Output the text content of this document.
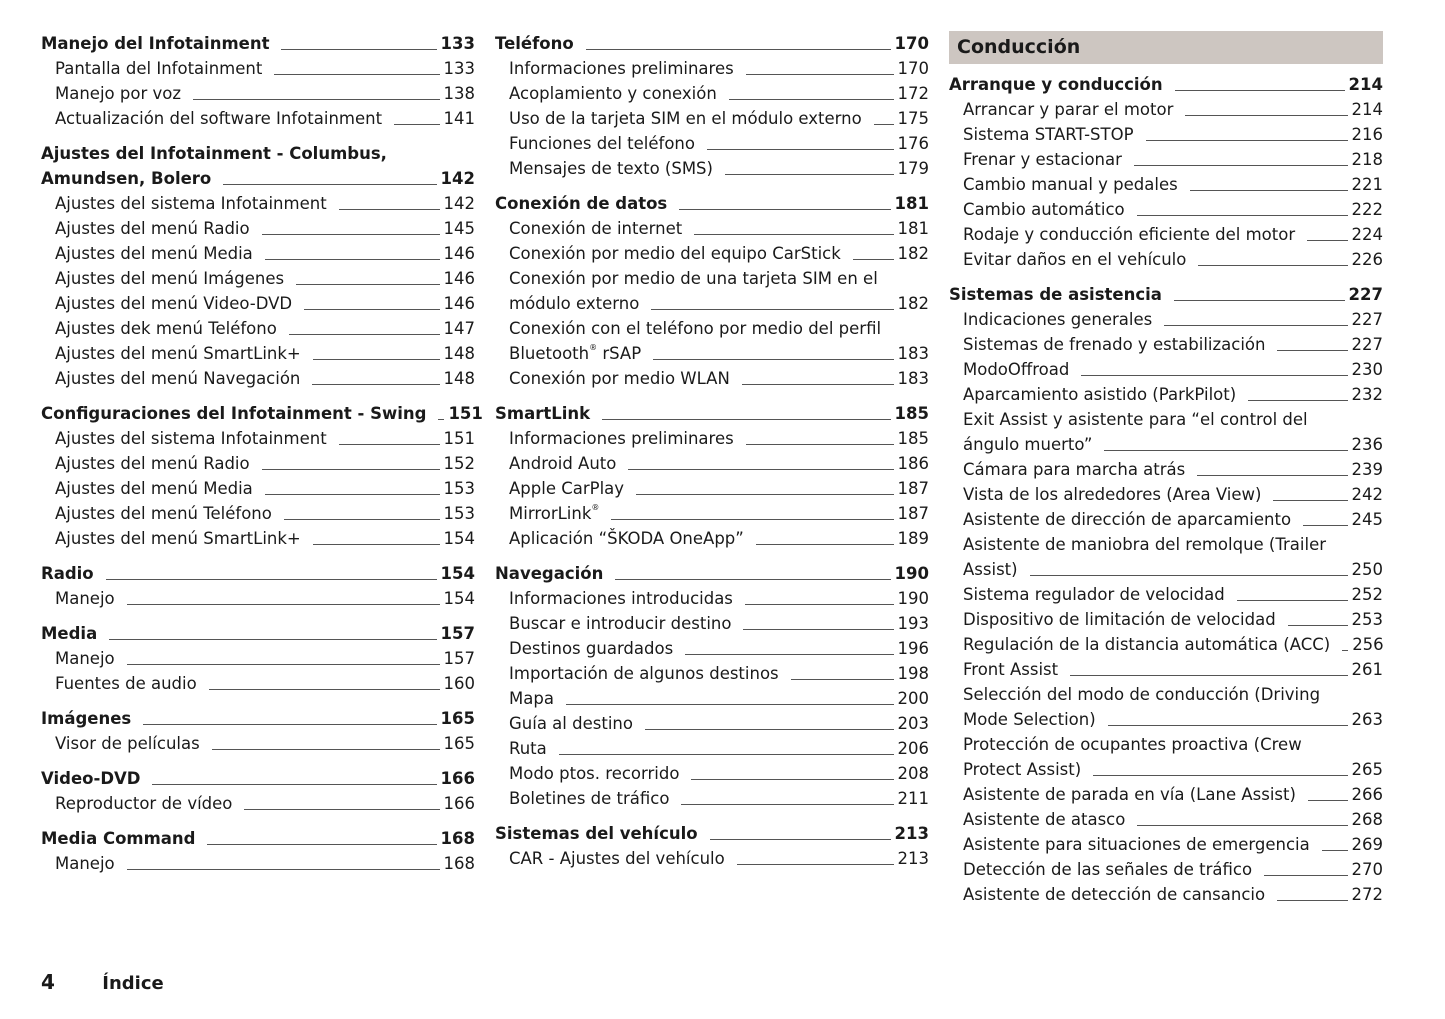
Manejo del Infotainment	133
Pantalla del Infotainment	133
Manejo por voz	138
Actualización del software Infotainment	141
Ajustes del Infotainment - Columbus,
Amundsen, Bolero	142
Ajustes del sistema Infotainment	142
Ajustes del menú Radio	145
Ajustes del menú Media	146
Ajustes del menú Imágenes	146
Ajustes del menú Video-DVD	146
Ajustes dek menú Teléfono	147
Ajustes del menú SmartLink+	148
Ajustes del menú Navegación	148
Configuraciones del Infotainment - Swing 151
Ajustes del sistema Infotainment	151
Ajustes del menú Radio	152
Ajustes del menú Media	153
Ajustes del menú Teléfono	153
Ajustes del menú SmartLink+	154
Radio	154
Manejo	154
Media	157
Manejo	157
Fuentes de audio	160
Imágenes	165
Visor de películas	165
Video-DVD	166
Reproductor de vídeo	166
Media Command	168
Manejo	168
Teléfono	170
Informaciones preliminares	170
Acoplamiento y conexión	172
Uso de la tarjeta SIM en el módulo externo 175
Funciones del teléfono	176
Mensajes de texto (SMS)	179
Conexión de datos	181
Conexión de internet	181
Conexión por medio del equipo CarStick	182
Conexión por medio de una tarjeta SIM en el
módulo externo	182
Conexión con el teléfono por medio del perfil
Bluetooth® rSAP	183
Conexión por medio WLAN	183
SmartLink	185
Informaciones preliminares	185
Android Auto	186
Apple CarPlay	187
MirrorLink®	187
Aplicación “ŠKODA OneApp”	189
Navegación	190
Informaciones introducidas	190
Buscar e introducir destino	193
Destinos guardados	196
Importación de algunos destinos	198
Mapa	200
Guía al destino	203
Ruta	206
Modo ptos. recorrido	208
Boletines de tráfico	211
Sistemas del vehículo	213
CAR - Ajustes del vehículo	213
Conducción
Arranque y conducción	214
Arrancar y parar el motor	214
Sistema START-STOP	216
Frenar y estacionar	218
Cambio manual y pedales	221
Cambio automático	222
Rodaje y conducción eficiente del motor	224
Evitar daños en el vehículo	226
Sistemas de asistencia	227
Indicaciones generales	227
Sistemas de frenado y estabilización	227
ModoOffroad	230
Aparcamiento asistido (ParkPilot)	232
Exit Assist y asistente para “el control del
ángulo muerto”	236
Cámara para marcha atrás	239
Vista de los alrededores (Area View)	242
Asistente de dirección de aparcamiento	245
Asistente de maniobra del remolque (Trailer
Assist)	250
Sistema regulador de velocidad	252
Dispositivo de limitación de velocidad	253
Regulación de la distancia automática (ACC) 256
Front Assist	261
Selección del modo de conducción (Driving
Mode Selection)	263
Protección de ocupantes proactiva (Crew
Protect Assist)	265
Asistente de parada en vía (Lane Assist)	266
Asistente de atasco	268
Asistente para situaciones de emergencia	269
Detección de las señales de tráfico	270
Asistente de detección de cansancio	272
4	Índice
